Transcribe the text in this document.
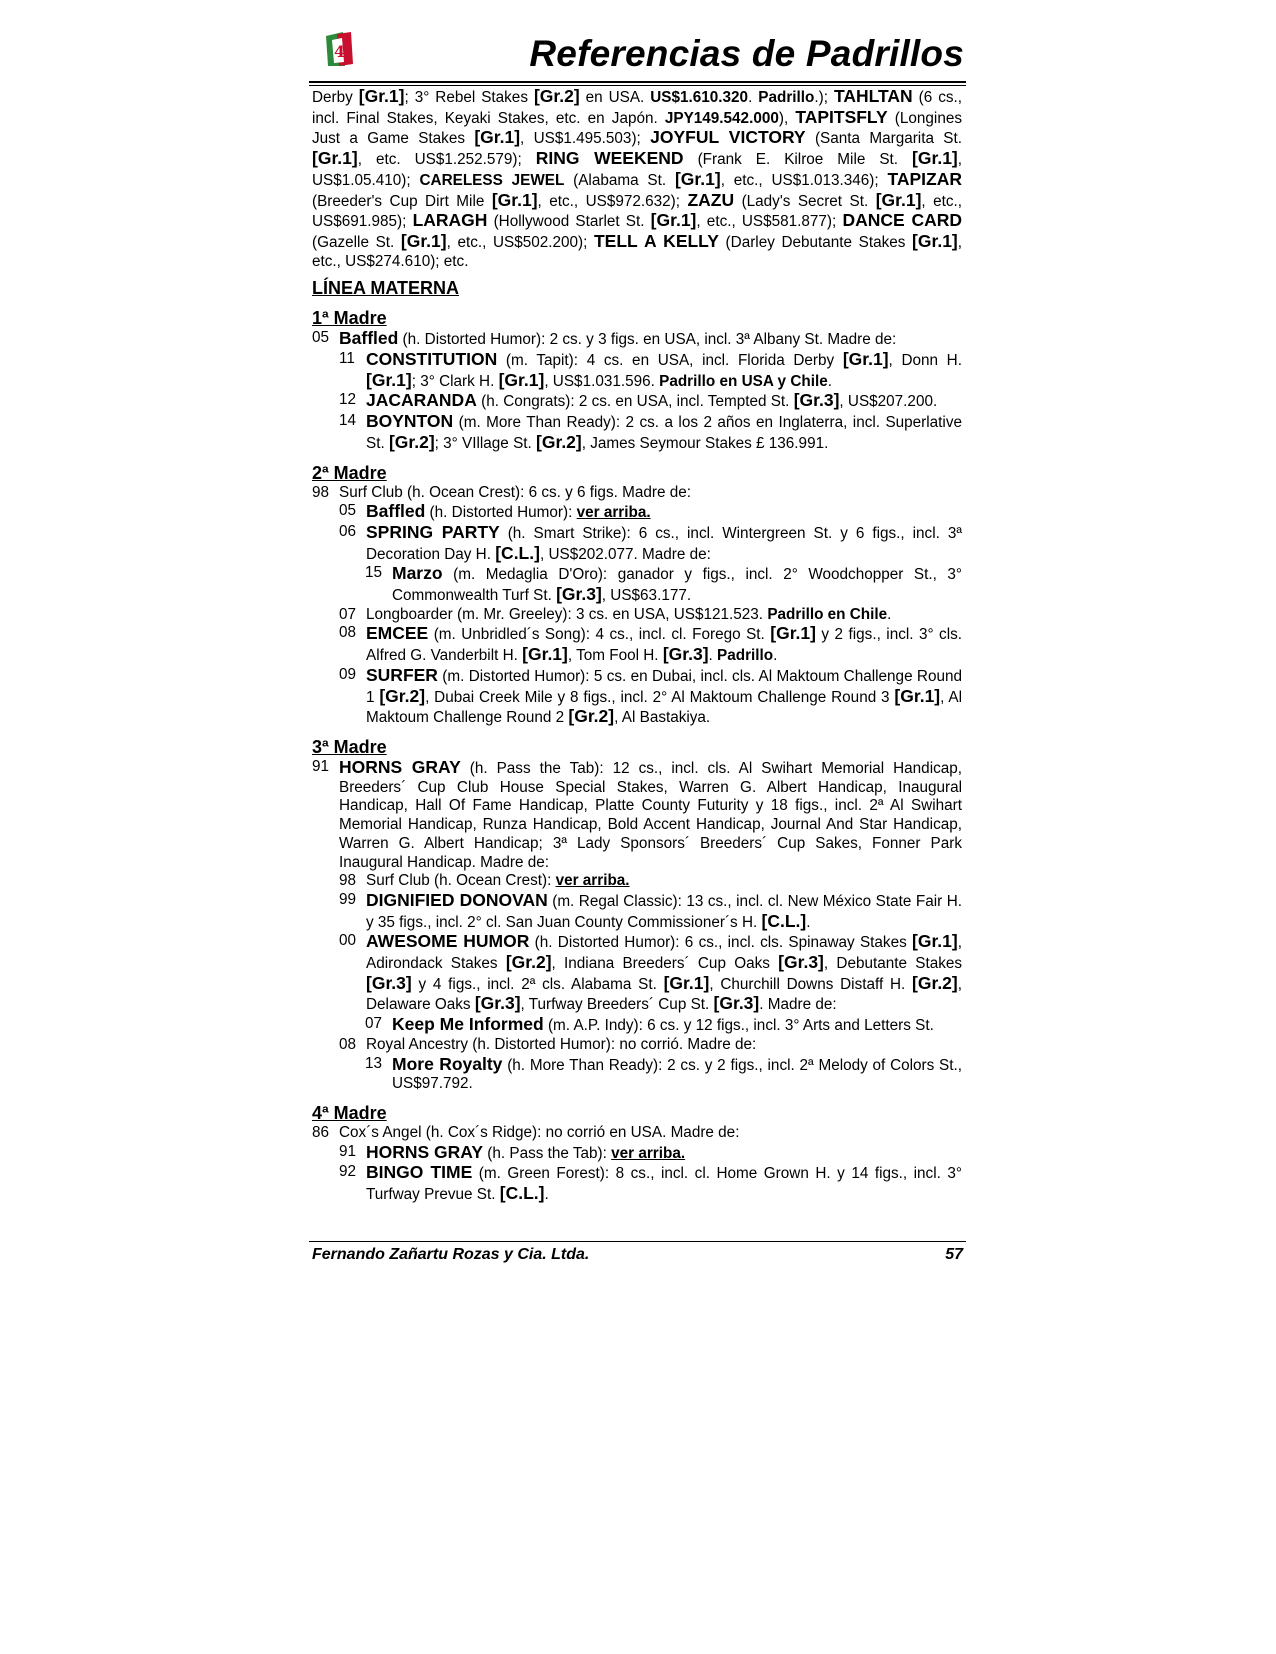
4	Referencias de Padrillos

Derby [Gr.1]; 3° Rebel Stakes [Gr.2] en USA. US$1.610.320. Padrillo.); TAHLTAN (6 cs., incl. Final Stakes, Keyaki Stakes, etc. en Japón. JPY149.542.000), TAPITSFLY (Longines Just a Game Stakes [Gr.1], US$1.495.503); JOYFUL VICTORY (Santa Margarita St. [Gr.1], etc. US$1.252.579); RING WEEKEND (Frank E. Kilroe Mile St. [Gr.1], US$1.05.410); CARELESS JEWEL (Alabama St. [Gr.1], etc., US$1.013.346); TAPIZAR (Breeder's Cup Dirt Mile [Gr.1], etc., US$972.632); ZAZU (Lady's Secret St. [Gr.1], etc., US$691.985); LARAGH (Hollywood Starlet St. [Gr.1], etc., US$581.877); DANCE CARD (Gazelle St. [Gr.1], etc., US$502.200); TELL A KELLY (Darley Debutante Stakes [Gr.1], etc., US$274.610); etc.

LÍNEA MATERNA
1ª Madre
05 Baffled (h. Distorted Humor): 2 cs. y 3 figs. en USA, incl. 3ª Albany St. Madre de:
11 CONSTITUTION (m. Tapit): 4 cs. en USA, incl. Florida Derby [Gr.1], Donn H. [Gr.1]; 3° Clark H. [Gr.1], US$1.031.596. Padrillo en USA y Chile.
12 JACARANDA (h. Congrats): 2 cs. en USA, incl. Tempted St. [Gr.3], US$207.200.
14 BOYNTON (m. More Than Ready): 2 cs. a los 2 años en Inglaterra, incl. Superlative St. [Gr.2]; 3° VIllage St. [Gr.2], James Seymour Stakes £ 136.991.
2ª Madre
98 Surf Club (h. Ocean Crest): 6 cs. y 6 figs. Madre de:
05 Baffled (h. Distorted Humor): ver arriba.
06 SPRING PARTY (h. Smart Strike): 6 cs., incl. Wintergreen St. y 6 figs., incl. 3ª Decoration Day H. [C.L.], US$202.077. Madre de:
15 Marzo (m. Medaglia D'Oro): ganador y figs., incl. 2° Woodchopper St., 3° Commonwealth Turf St. [Gr.3], US$63.177.
07 Longboarder (m. Mr. Greeley): 3 cs. en USA, US$121.523. Padrillo en Chile.
08 EMCEE (m. Unbridled´s Song): 4 cs., incl. cl. Forego St. [Gr.1] y 2 figs., incl. 3° cls. Alfred G. Vanderbilt H. [Gr.1], Tom Fool H. [Gr.3]. Padrillo.
09 SURFER (m. Distorted Humor): 5 cs. en Dubai, incl. cls. Al Maktoum Challenge Round 1 [Gr.2], Dubai Creek Mile y 8 figs., incl. 2° Al Maktoum Challenge Round 3 [Gr.1], Al Maktoum Challenge Round 2 [Gr.2], Al Bastakiya.
3ª Madre
91 HORNS GRAY (h. Pass the Tab): 12 cs., incl. cls. Al Swihart Memorial Handicap, Breeders´ Cup Club House Special Stakes, Warren G. Albert Handicap, Inaugural Handicap, Hall Of Fame Handicap, Platte County Futurity y 18 figs., incl. 2ª Al Swihart Memorial Handicap, Runza Handicap, Bold Accent Handicap, Journal And Star Handicap, Warren G. Albert Handicap; 3ª Lady Sponsors´ Breeders´ Cup Sakes, Fonner Park Inaugural Handicap. Madre de:
98 Surf Club (h. Ocean Crest): ver arriba.
99 DIGNIFIED DONOVAN (m. Regal Classic): 13 cs., incl. cl. New México State Fair H. y 35 figs., incl. 2° cl. San Juan County Commissioner´s H. [C.L.].
00 AWESOME HUMOR (h. Distorted Humor): 6 cs., incl. cls. Spinaway Stakes [Gr.1], Adirondack Stakes [Gr.2], Indiana Breeders´ Cup Oaks [Gr.3], Debutante Stakes [Gr.3] y 4 figs., incl. 2ª cls. Alabama St. [Gr.1], Churchill Downs Distaff H. [Gr.2], Delaware Oaks [Gr.3], Turfway Breeders´ Cup St. [Gr.3]. Madre de:
07 Keep Me Informed (m. A.P. Indy): 6 cs. y 12 figs., incl. 3° Arts and Letters St.
08 Royal Ancestry (h. Distorted Humor): no corrió. Madre de:
13 More Royalty (h. More Than Ready): 2 cs. y 2 figs., incl. 2ª Melody of Colors St., US$97.792.
4ª Madre
86 Cox´s Angel (h. Cox´s Ridge): no corrió en USA. Madre de:
91 HORNS GRAY (h. Pass the Tab): ver arriba.
92 BINGO TIME (m. Green Forest): 8 cs., incl. cl. Home Grown H. y 14 figs., incl. 3° Turfway Prevue St. [C.L.].
Fernando Zañartu Rozas y Cia. Ltda.	57
